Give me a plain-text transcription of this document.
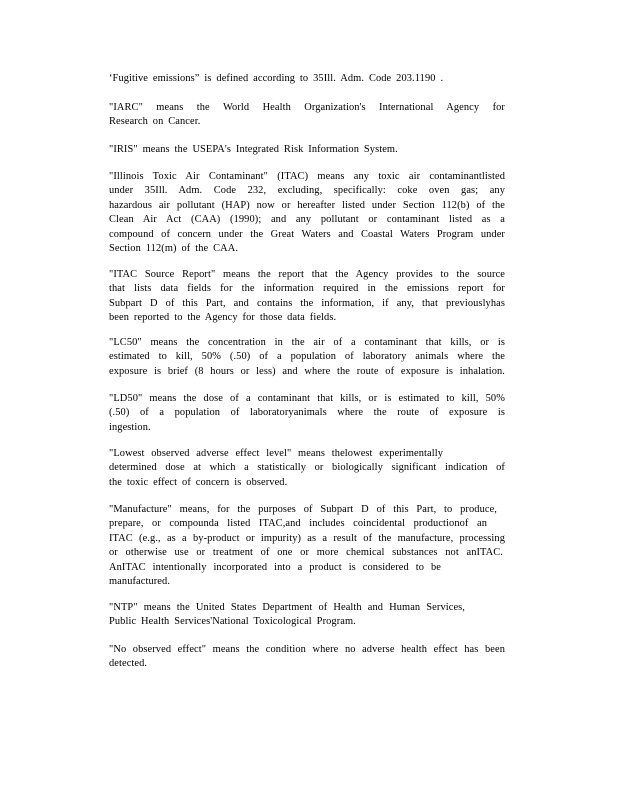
‘Fugitive emissions” is defined according to 35Ill. Adm. Code 203.1190 .
"IARC" means the World Health Organization's International Agency for
Research on Cancer.
"IRIS" means the USEPA's Integrated Risk Information System.
"Illinois Toxic Air Contaminant" (ITAC) means any toxic air contaminantlisted
under 35Ill. Adm. Code 232, excluding, specifically: coke oven gas; any
hazardous air pollutant (HAP) now or hereafter listed under Section 112(b) of the
Clean Air Act (CAA) (1990); and any pollutant or contaminant listed as a
compound of concern under the Great Waters and Coastal Waters Program under
Section 112(m) of the CAA.
"ITAC Source Report" means the report that the Agency provides to the source
that lists data fields for the information required in the emissions report for
Subpart D of this Part, and contains the information, if any, that previouslyhas
been reported to the Agency for those data fields.
"LC50" means the concentration in the air of a contaminant that kills, or is
estimated to kill, 50% (.50) of a population of laboratory animals where the
exposure is brief (8 hours or less) and where the route of exposure is inhalation.
"LD50" means the dose of a contaminant that kills, or is estimated to kill, 50%
(.50) of a population of laboratoryanimals where the route of exposure is
ingestion.
"Lowest observed adverse effect level" means thelowest experimentally
determined dose at which a statistically or biologically significant indication of
the toxic effect of concern is observed.
"Manufacture" means, for the purposes of Subpart D of this Part, to produce,
prepare, or compounda listed ITAC,and includes coincidental productionof an
ITAC (e.g., as a by-product or impurity) as a result of the manufacture, processing
or otherwise use or treatment of one or more chemical substances not anITAC.
AnITAC intentionally incorporated into a product is considered to be
manufactured.
"NTP" means the United States Department of Health and Human Services,
Public Health Services'National Toxicological Program.
"No observed effect" means the condition where no adverse health effect has been
detected.
